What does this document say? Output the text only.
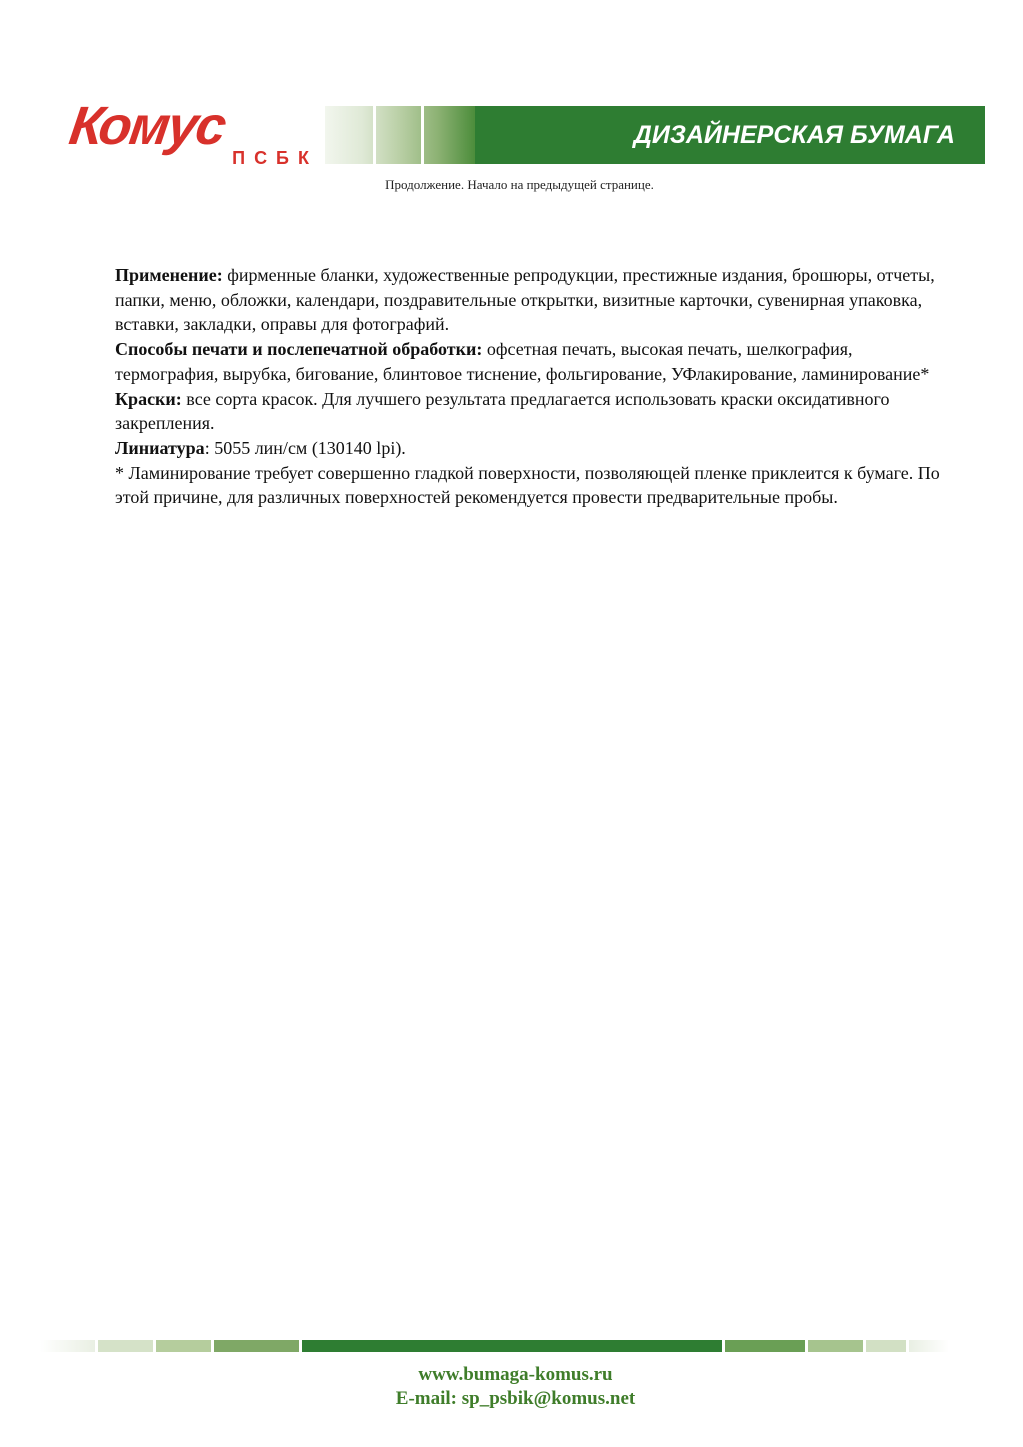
Комус
ПСБК
ДИЗАЙНЕРСКАЯ БУМАГА
Продолжение. Начало на предыдущей странице.

Применение: фирменные бланки, художественные репродукции, престижные издания, брошюры, отчеты, папки, меню, обложки, календари, поздравительные открытки, визитные карточки, сувенирная упаковка, вставки, закладки, оправы для фотографий.

Способы печати и послепечатной обработки: офсетная печать, высокая печать, шелкография, термография, вырубка, бигование, блинтовое тиснение, фольгирование, УФлакирование, ламинирование*

Краски: все сорта красок. Для лучшего результата предлагается использовать краски оксидативного закрепления.

Линиатура: 5055 лин/см (130140 lpi).

* Ламинирование требует совершенно гладкой поверхности, позволяющей пленке приклеится к бумаге. По этой причине, для различных поверхностей рекомендуется провести предварительные пробы.

www.bumaga-komus.ru
E-mail: sp_psbik@komus.net
